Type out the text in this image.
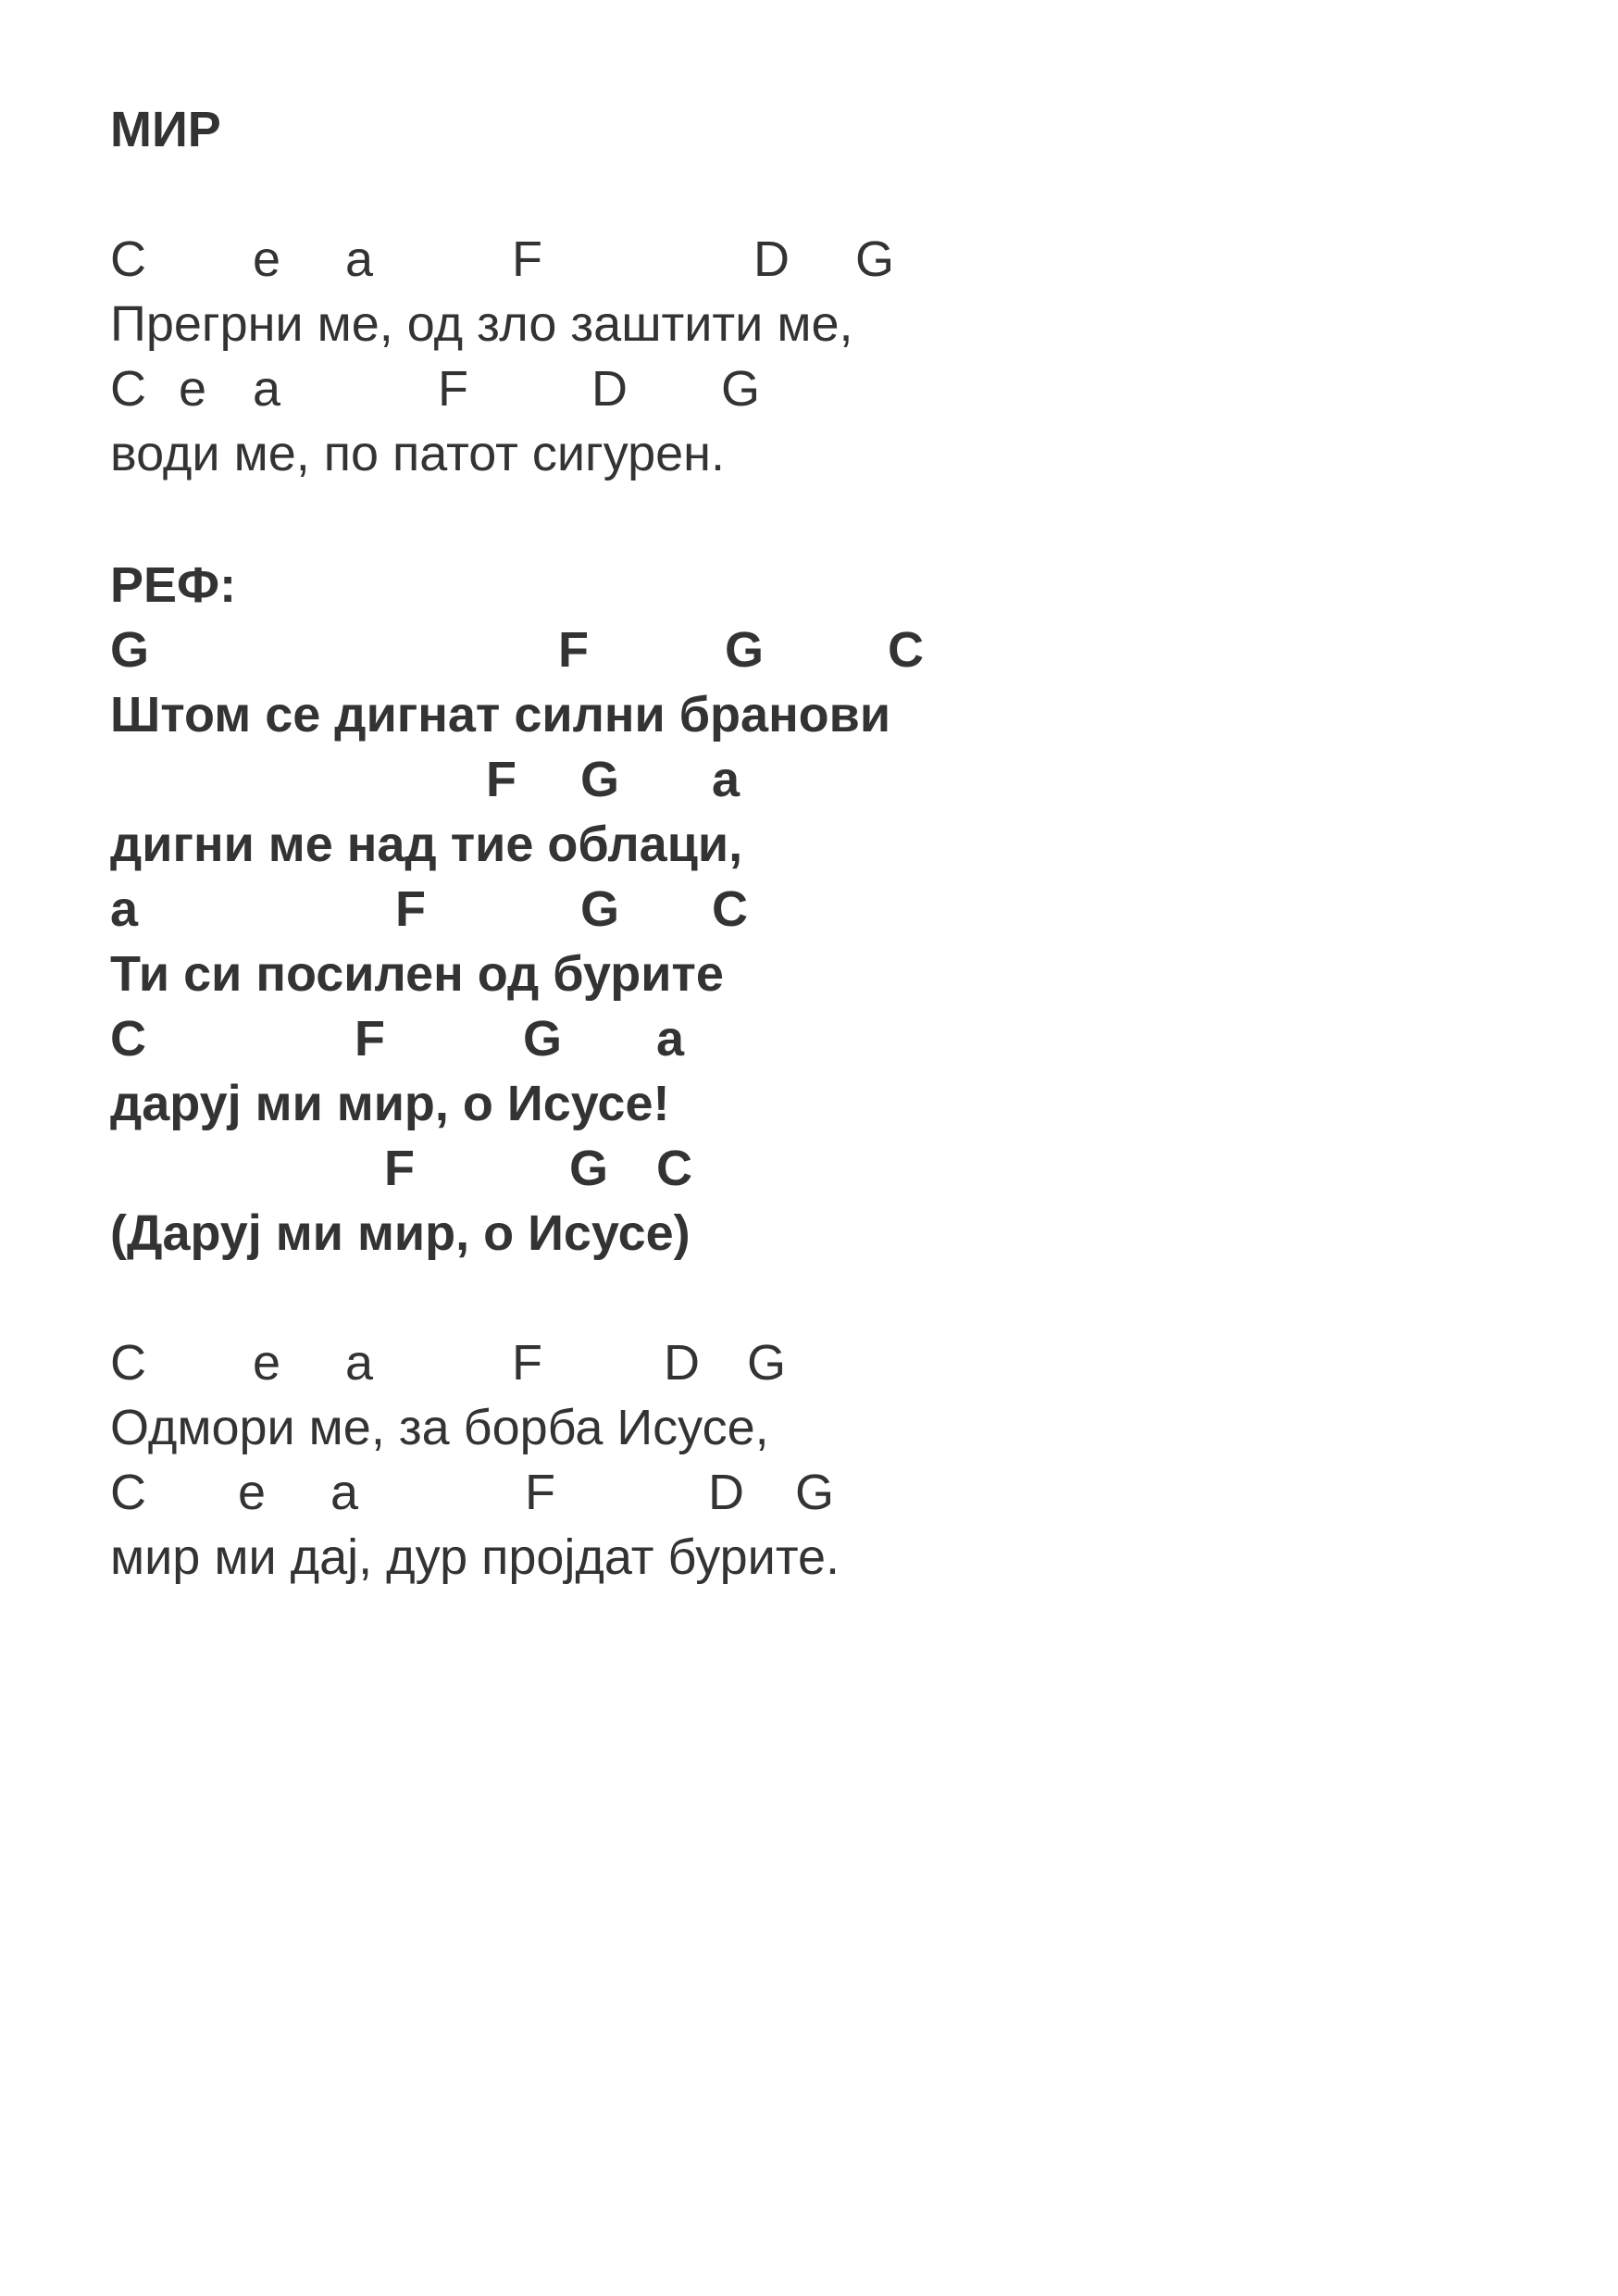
МИР

C

e

a

	F

	D

G

Прегрни ме, од зло заштити ме,

C

e

a

	F

D

G

води ме, по патот сигурен.
РЕФ:

G

	F

	G

C

Штом се дигнат силни бранови

F

G

a

дигни ме над тие облаци,

a

	F

	G

C

Ти си посилен од бурите

C

	F

	G

a

даруј ми мир, о Исусе!

F

	G

C

(Даруј ми мир, о Исусе)

C

e

a

	F

D

G

Одмори ме, за борба Исусе,

C

e

a

	F

	D

G

мир ми дај, дур пројдат бурите.
